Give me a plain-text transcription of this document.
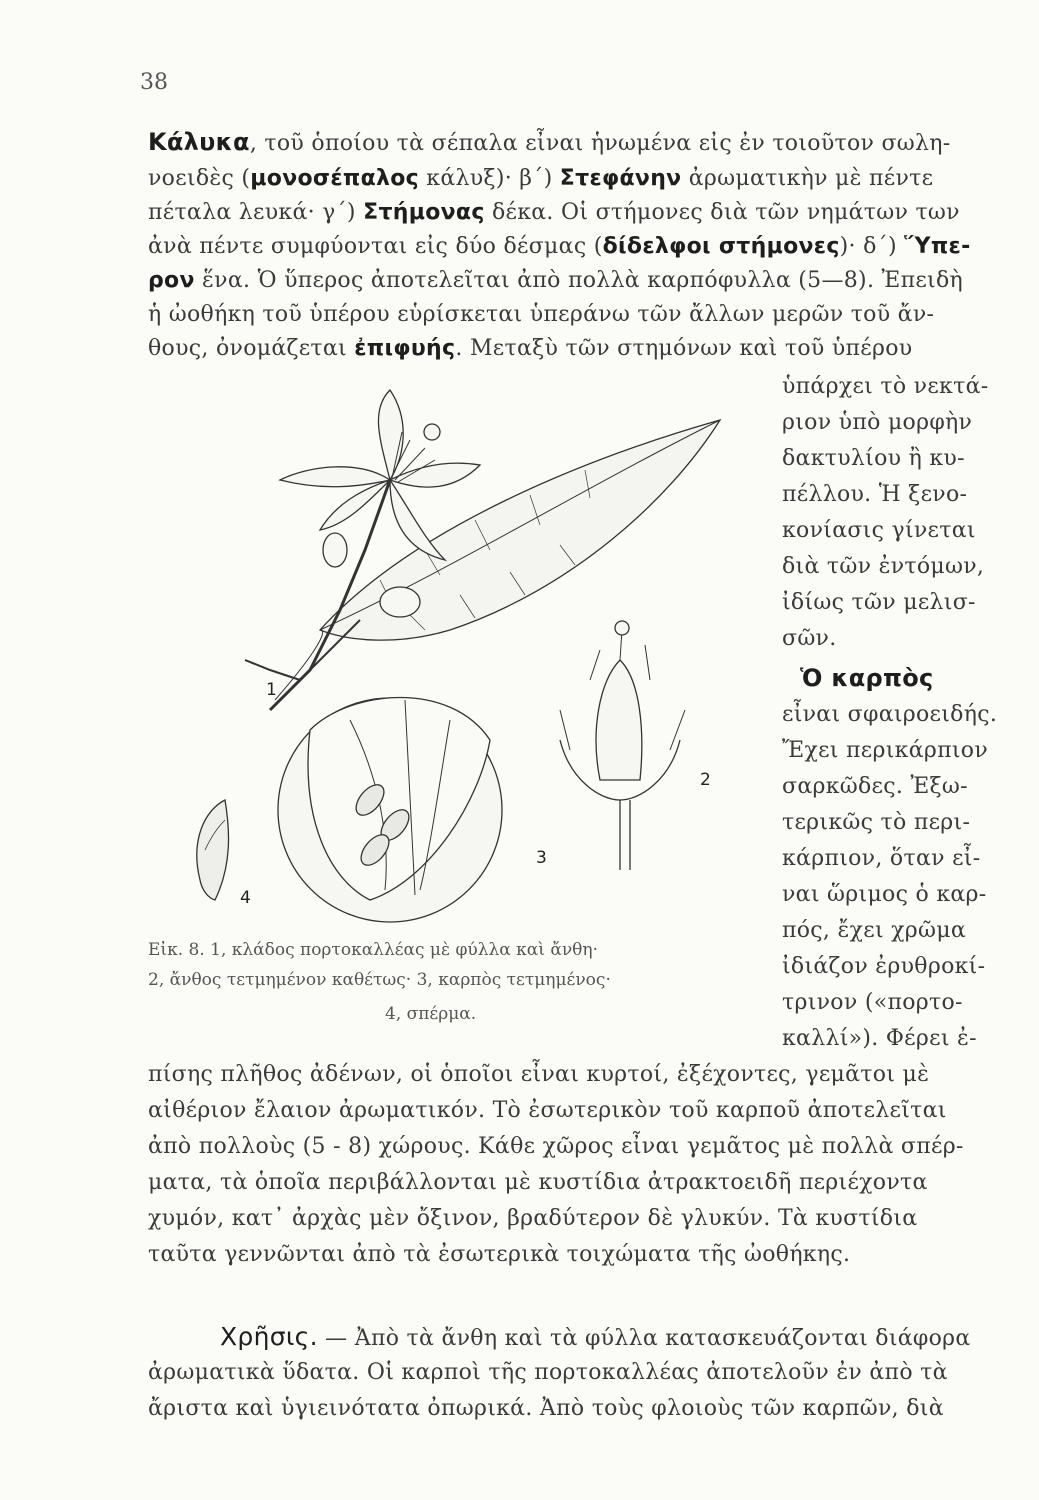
38
Κάλυκα, τοῦ ὁποίου τὰ σέπαλα εἶναι ἡνωμένα εἰς ἐν τοιοῦτον σωλη-
νοειδὲς (μονοσέπαλος κάλυξ)· β΄) Στεφάνην ἀρωματικὴν μὲ πέντε
πέταλα λευκά· γ΄) Στήμονας δέκα. Οἱ στήμονες διὰ τῶν νημάτων των
ἀνὰ πέντε συμφύονται εἰς δύο δέσμας (δίδελφοι στήμονες)· δ΄) Ὕπε-
ρον ἕνα. Ὁ ὕπερος ἀποτελεῖται ἀπὸ πολλὰ καρπόφυλλα (5—8). Ἐπειδὴ
ἡ ὠοθήκη τοῦ ὑπέρου εὑρίσκεται ὑπεράνω τῶν ἄλλων μερῶν τοῦ ἄν-
θους, ὀνομάζεται ἐπιφυής. Μεταξὺ τῶν στημόνων καὶ τοῦ ὑπέρου
ὑπάρχει τὸ νεκτά-
ριον ὑπὸ μορφὴν
δακτυλίου ἢ κυ-
πέλλου. Ἡ ξενο-
κονίασις γίνεται
διὰ τῶν ἐντόμων,
ἰδίως τῶν μελισ-
σῶν.
Ὁ καρπὸς
εἶναι σφαιροειδής.
Ἔχει περικάρπιον
σαρκῶδες. Ἐξω-
τερικῶς τὸ περι-
κάρπιον, ὅταν εἶ-
ναι ὥριμος ὁ καρ-
πός, ἔχει χρῶμα
ἰδιάζον ἐρυθροκί-
τρινον («πορτο-
καλλί»). Φέρει ἐ-
1
2
3
4
Εἰκ. 8. 1, κλάδος πορτοκαλλέας μὲ φύλλα καὶ ἄνθη·
2, ἄνθος τετμημένον καθέτως· 3, καρπὸς τετμημένος·
4, σπέρμα.
πίσης πλῆθος ἀδένων, οἱ ὁποῖοι εἶναι κυρτοί, ἐξέχοντες, γεμᾶτοι μὲ
αἰθέριον ἔλαιον ἀρωματικόν. Τὸ ἐσωτερικὸν τοῦ καρποῦ ἀποτελεῖται
ἀπὸ πολλοὺς (5 - 8) χώρους. Κάθε χῶρος εἶναι γεμᾶτος μὲ πολλὰ σπέρ-
ματα, τὰ ὁποῖα περιβάλλονται μὲ κυστίδια ἀτρακτοειδῆ περιέχοντα
χυμόν, κατ᾿ ἀρχὰς μὲν ὄξινον, βραδύτερον δὲ γλυκύν. Τὰ κυστίδια
ταῦτα γεννῶνται ἀπὸ τὰ ἐσωτερικὰ τοιχώματα τῆς ὠοθήκης.
Χρῆσις. — Ἀπὸ τὰ ἄνθη καὶ τὰ φύλλα κατασκευάζονται διάφορα
ἀρωματικὰ ὕδατα. Οἱ καρποὶ τῆς πορτοκαλλέας ἀποτελοῦν ἐν ἀπὸ τὰ
ἄριστα καὶ ὑγιεινότατα ὀπωρικά. Ἀπὸ τοὺς φλοιοὺς τῶν καρπῶν, διὰ
